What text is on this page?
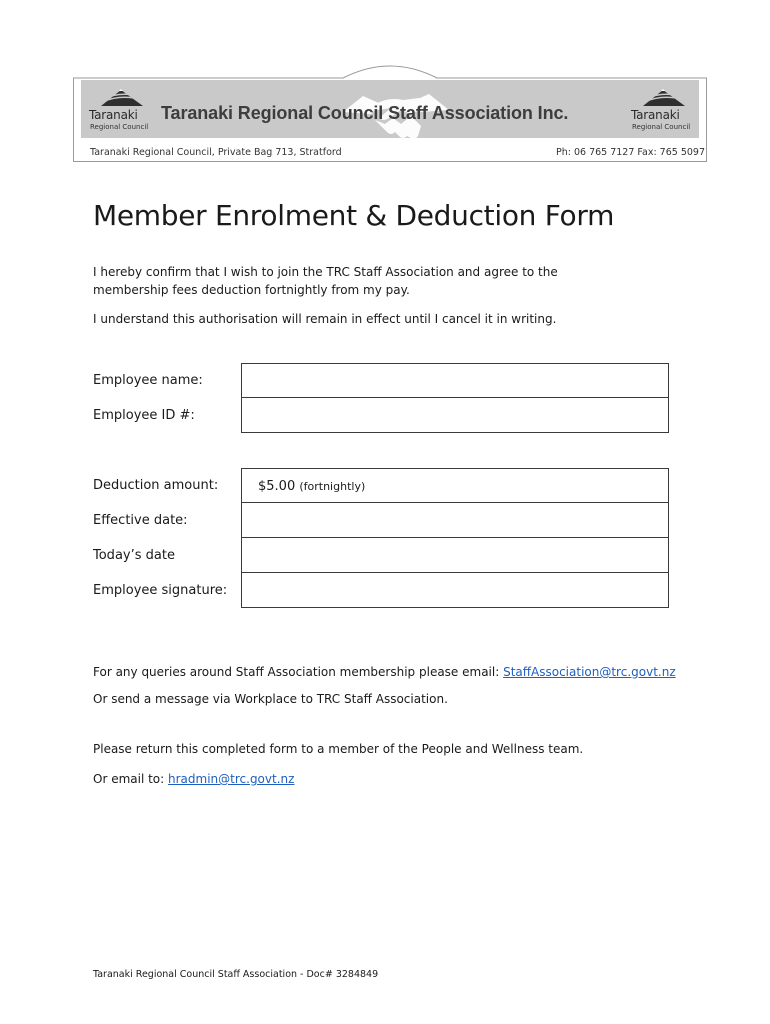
Taranaki
Regional Council
Taranaki Regional Council Staff Association Inc.	Taranaki
Regional Council
Taranaki Regional Council, Private Bag 713, Stratford	Ph: 06 765 7127 Fax: 765 5097
Member Enrolment & Deduction Form
I hereby confirm that I wish to join the TRC Staff Association and agree to the
membership fees deduction fortnightly from my pay.
I understand this authorisation will remain in effect until I cancel it in writing.
Employee name:
Employee ID #:
Deduction amount:	$5.00 (fortnightly)
Effective date:
Today’s date
Employee signature:

For any queries around Staff Association membership please email: StaffAssociation@trc.govt.nz

Or send a message via Workplace to TRC Staff Association.

Please return this completed form to a member of the People and Wellness team.

Or email to: hradmin@trc.govt.nz

Taranaki Regional Council Staff Association - Doc# 3284849
